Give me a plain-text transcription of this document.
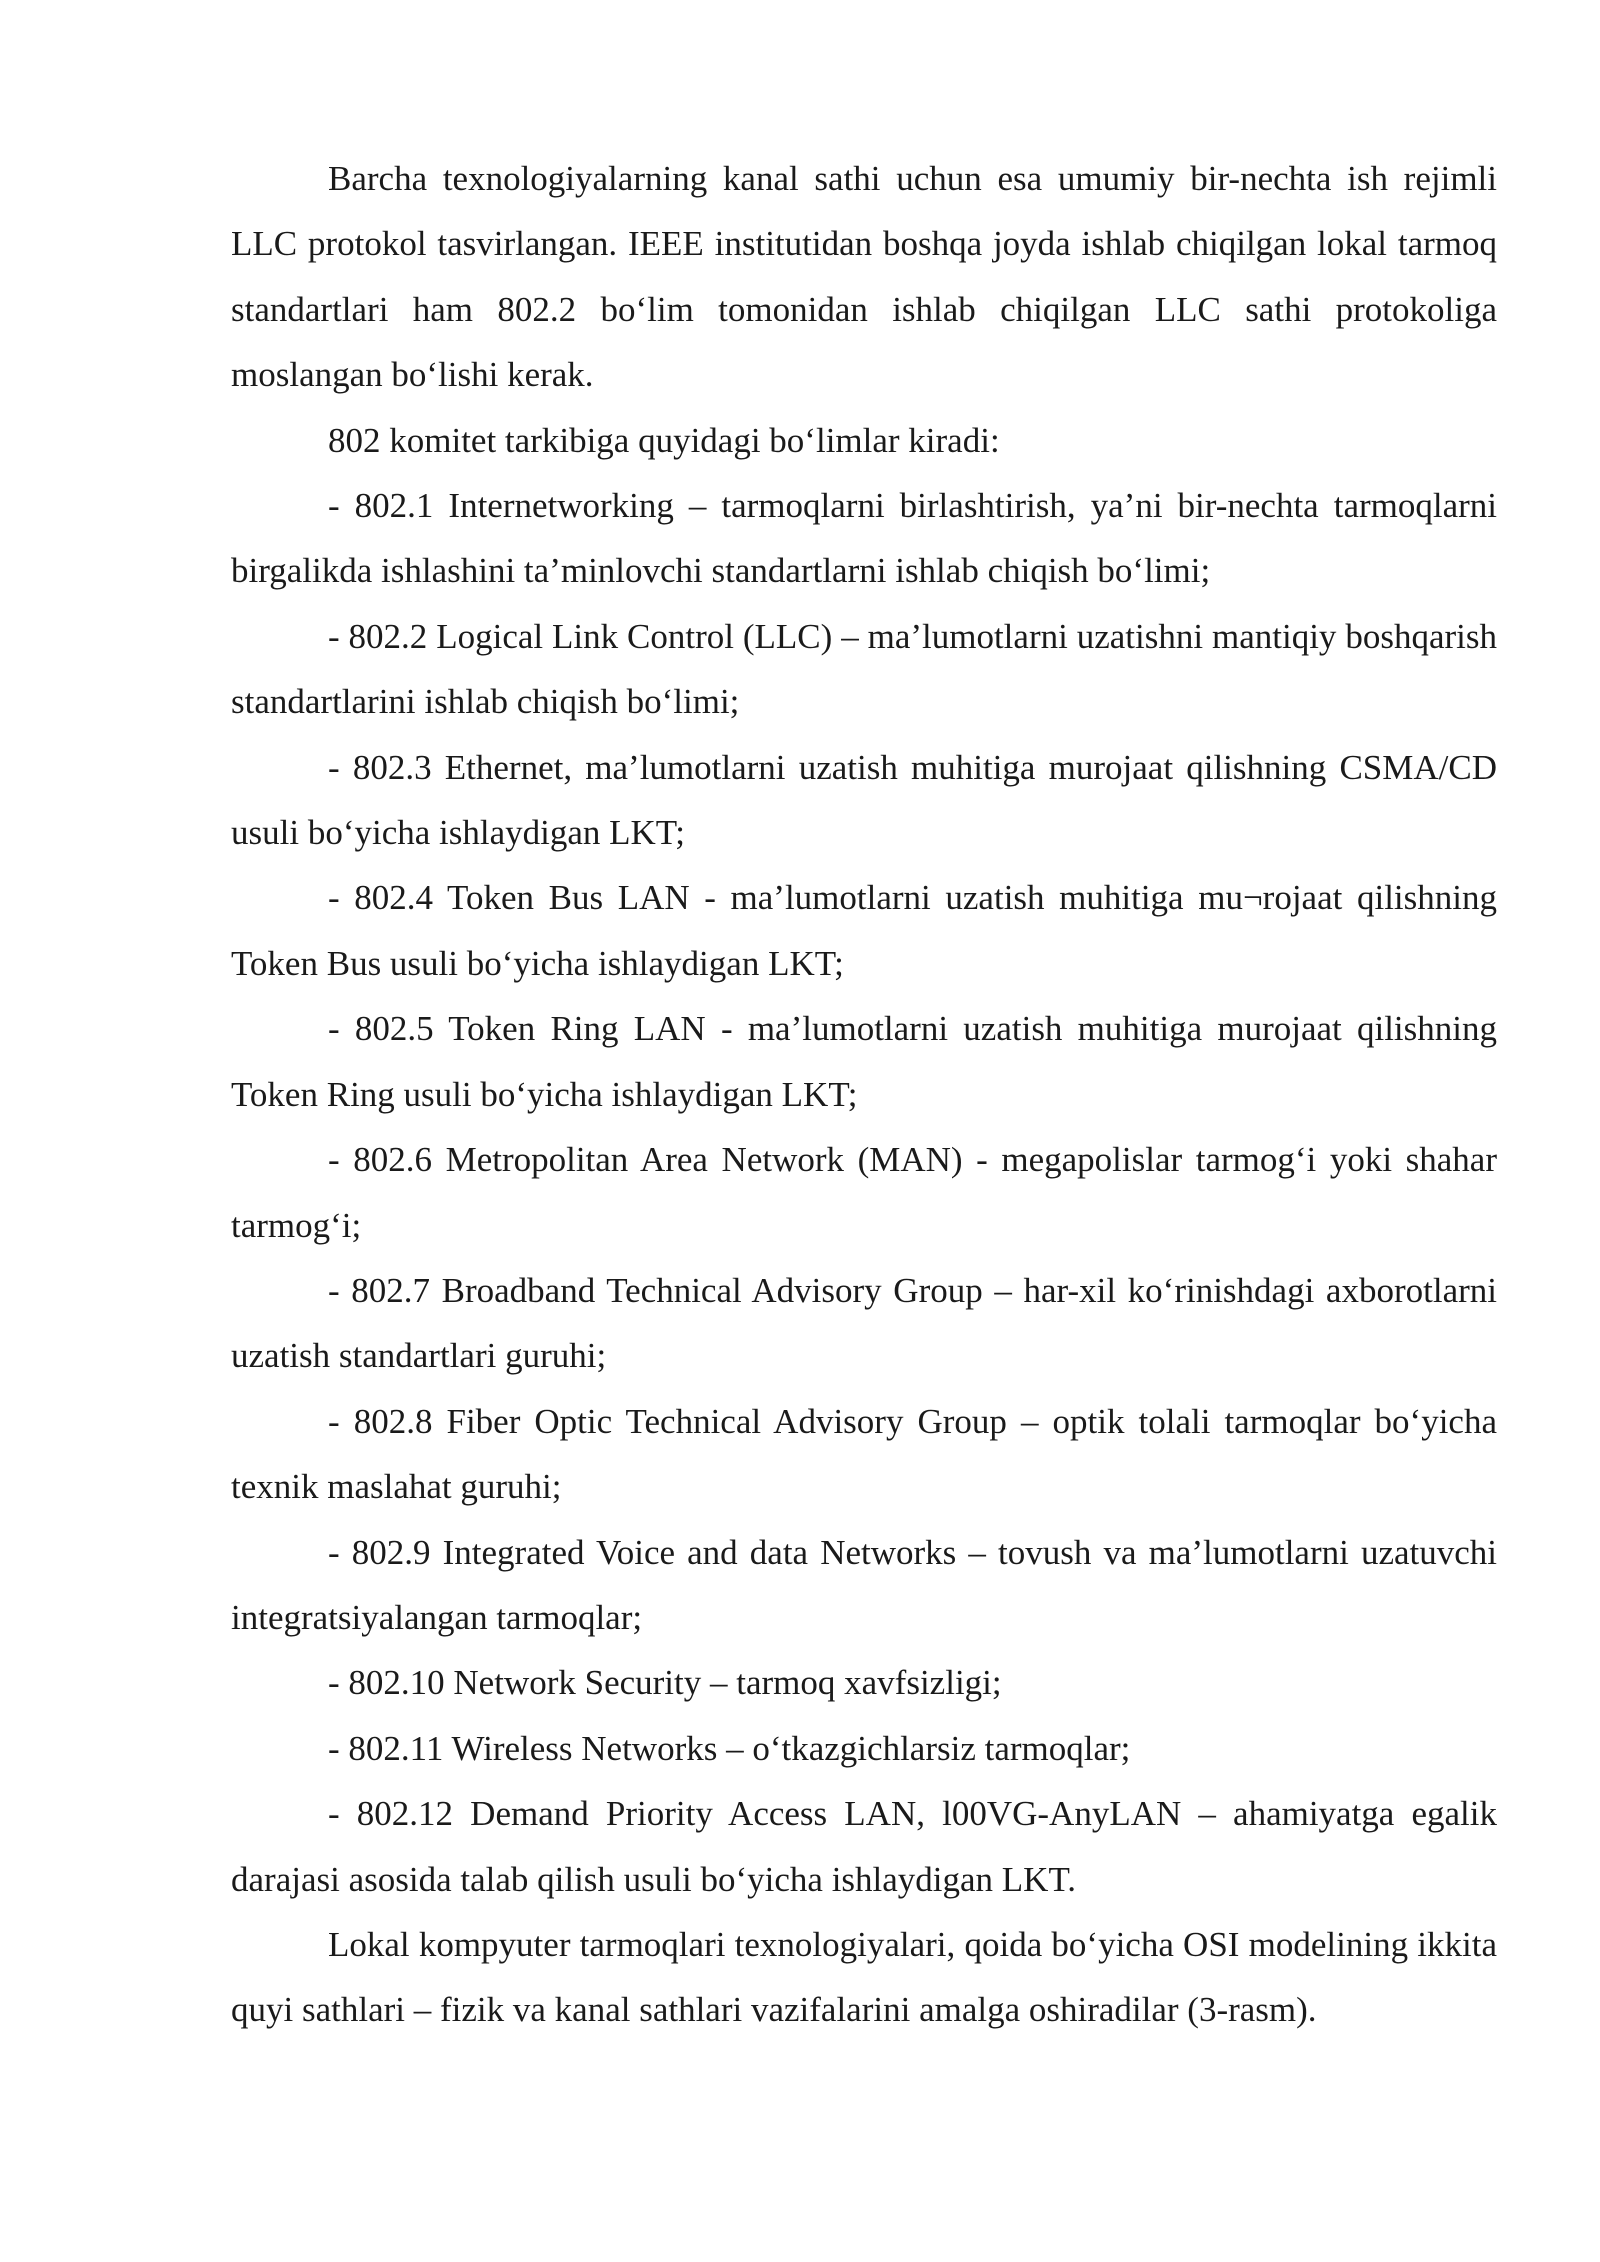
Barcha texnologiyalarning kanal sathi uchun esa umumiy bir-nechta ish rejimli LLC protokol tasvirlangan. IEEE institutidan boshqa joyda ishlab chiqilgan lokal tarmoq standartlari ham 802.2 bo‘lim tomonidan ishlab chiqilgan LLC sathi protokoliga moslangan bo‘lishi kerak.

802 komitet tarkibiga quyidagi bo‘limlar kiradi:

- 802.1 Internetworking – tarmoqlarni birlashtirish, ya’ni bir-nechta tarmoqlarni birgalikda ishlashini ta’minlovchi standartlarni ishlab chiqish bo‘limi;

- 802.2 Logical Link Control (LLC) – ma’lumotlarni uzatishni mantiqiy boshqarish standartlarini ishlab chiqish bo‘limi;

- 802.3 Ethernet, ma’lumotlarni uzatish muhitiga murojaat qilishning CSMA/CD usuli bo‘yicha ishlaydigan LKT;

- 802.4 Token Bus LAN - ma’lumotlarni uzatish muhitiga mu¬rojaat qilishning Token Bus usuli bo‘yicha ishlaydigan LKT;

- 802.5 Token Ring LAN - ma’lumotlarni uzatish muhitiga murojaat qilishning Token Ring usuli bo‘yicha ishlaydigan LKT;

- 802.6 Metropolitan Area Network (MAN) - megapolislar tarmog‘i yoki shahar tarmog‘i;

- 802.7 Broadband Technical Advisory Group – har-xil ko‘rinishdagi axborotlarni uzatish standartlari guruhi;

- 802.8 Fiber Optic Technical Advisory Group – optik tolali tarmoqlar bo‘yicha texnik maslahat guruhi;

- 802.9 Integrated Voice and data Networks – tovush va ma’lumotlarni uzatuvchi integratsiyalangan tarmoqlar;

- 802.10 Network Security – tarmoq xavfsizligi;

- 802.11 Wireless Networks – o‘tkazgichlarsiz tarmoqlar;

- 802.12 Demand Priority Access LAN, l00VG-AnyLAN – ahamiyatga egalik darajasi asosida talab qilish usuli bo‘yicha ishlaydigan LKT.

Lokal kompyuter tarmoqlari texnologiyalari, qoida bo‘yicha OSI modelining ikkita quyi sathlari – fizik va kanal sathlari vazifalarini amalga oshiradilar (3-rasm).
